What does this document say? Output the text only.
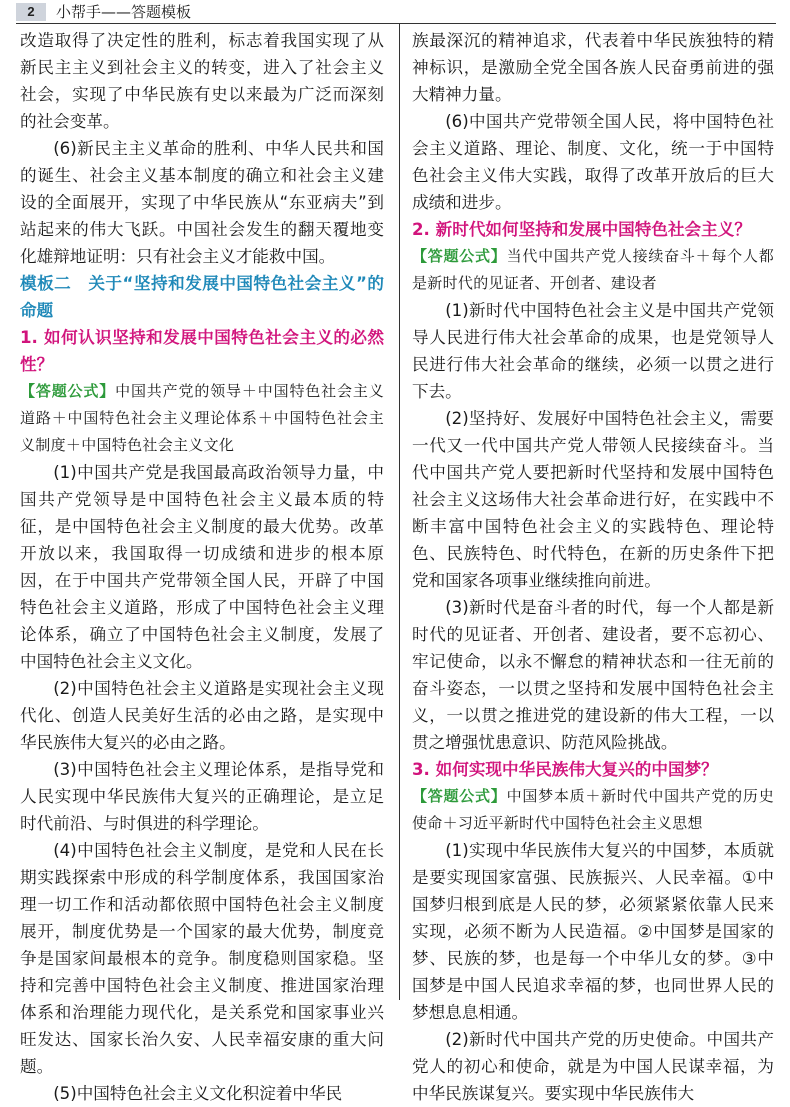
2	小帮手——答题模板

改造取得了决定性的胜利，标志着我国实现了从新民主主义到社会主义的转变，进入了社会主义社会，实现了中华民族有史以来最为广泛而深刻的社会变革。

(6)新民主主义革命的胜利、中华人民共和国的诞生、社会主义基本制度的确立和社会主义建设的全面展开，实现了中华民族从“东亚病夫”到站起来的伟大飞跃。中国社会发生的翻天覆地变化雄辩地证明：只有社会主义才能救中国。

模板二　关于“坚持和发展中国特色社会主义”的命题

1. 如何认识坚持和发展中国特色社会主义的必然性？

【答题公式】中国共产党的领导＋中国特色社会主义道路＋中国特色社会主义理论体系＋中国特色社会主义制度＋中国特色社会主义文化

(1)中国共产党是我国最高政治领导力量，中国共产党领导是中国特色社会主义最本质的特征，是中国特色社会主义制度的最大优势。改革开放以来，我国取得一切成绩和进步的根本原因，在于中国共产党带领全国人民，开辟了中国特色社会主义道路，形成了中国特色社会主义理论体系，确立了中国特色社会主义制度，发展了中国特色社会主义文化。

(2)中国特色社会主义道路是实现社会主义现代化、创造人民美好生活的必由之路，是实现中华民族伟大复兴的必由之路。

(3)中国特色社会主义理论体系，是指导党和人民实现中华民族伟大复兴的正确理论，是立足时代前沿、与时俱进的科学理论。

(4)中国特色社会主义制度，是党和人民在长期实践探索中形成的科学制度体系，我国国家治理一切工作和活动都依照中国特色社会主义制度展开，制度优势是一个国家的最大优势，制度竞争是国家间最根本的竞争。制度稳则国家稳。坚持和完善中国特色社会主义制度、推进国家治理体系和治理能力现代化，是关系党和国家事业兴旺发达、国家长治久安、人民幸福安康的重大问题。

(5)中国特色社会主义文化积淀着中华民

族最深沉的精神追求，代表着中华民族独特的精神标识，是激励全党全国各族人民奋勇前进的强大精神力量。

(6)中国共产党带领全国人民，将中国特色社会主义道路、理论、制度、文化，统一于中国特色社会主义伟大实践，取得了改革开放后的巨大成绩和进步。

2. 新时代如何坚持和发展中国特色社会主义？

【答题公式】当代中国共产党人接续奋斗＋每个人都是新时代的见证者、开创者、建设者

(1)新时代中国特色社会主义是中国共产党领导人民进行伟大社会革命的成果，也是党领导人民进行伟大社会革命的继续，必须一以贯之进行下去。

(2)坚持好、发展好中国特色社会主义，需要一代又一代中国共产党人带领人民接续奋斗。当代中国共产党人要把新时代坚持和发展中国特色社会主义这场伟大社会革命进行好，在实践中不断丰富中国特色社会主义的实践特色、理论特色、民族特色、时代特色，在新的历史条件下把党和国家各项事业继续推向前进。

(3)新时代是奋斗者的时代，每一个人都是新时代的见证者、开创者、建设者，要不忘初心、牢记使命，以永不懈怠的精神状态和一往无前的奋斗姿态，一以贯之坚持和发展中国特色社会主义，一以贯之推进党的建设新的伟大工程，一以贯之增强忧患意识、防范风险挑战。

3. 如何实现中华民族伟大复兴的中国梦？

【答题公式】中国梦本质＋新时代中国共产党的历史使命＋习近平新时代中国特色社会主义思想

(1)实现中华民族伟大复兴的中国梦，本质就是要实现国家富强、民族振兴、人民幸福。①中国梦归根到底是人民的梦，必须紧紧依靠人民来实现，必须不断为人民造福。②中国梦是国家的梦、民族的梦，也是每一个中华儿女的梦。③中国梦是中国人民追求幸福的梦，也同世界人民的梦想息息相通。

(2)新时代中国共产党的历史使命。中国共产党人的初心和使命，就是为中国人民谋幸福，为中华民族谋复兴。要实现中华民族伟大
